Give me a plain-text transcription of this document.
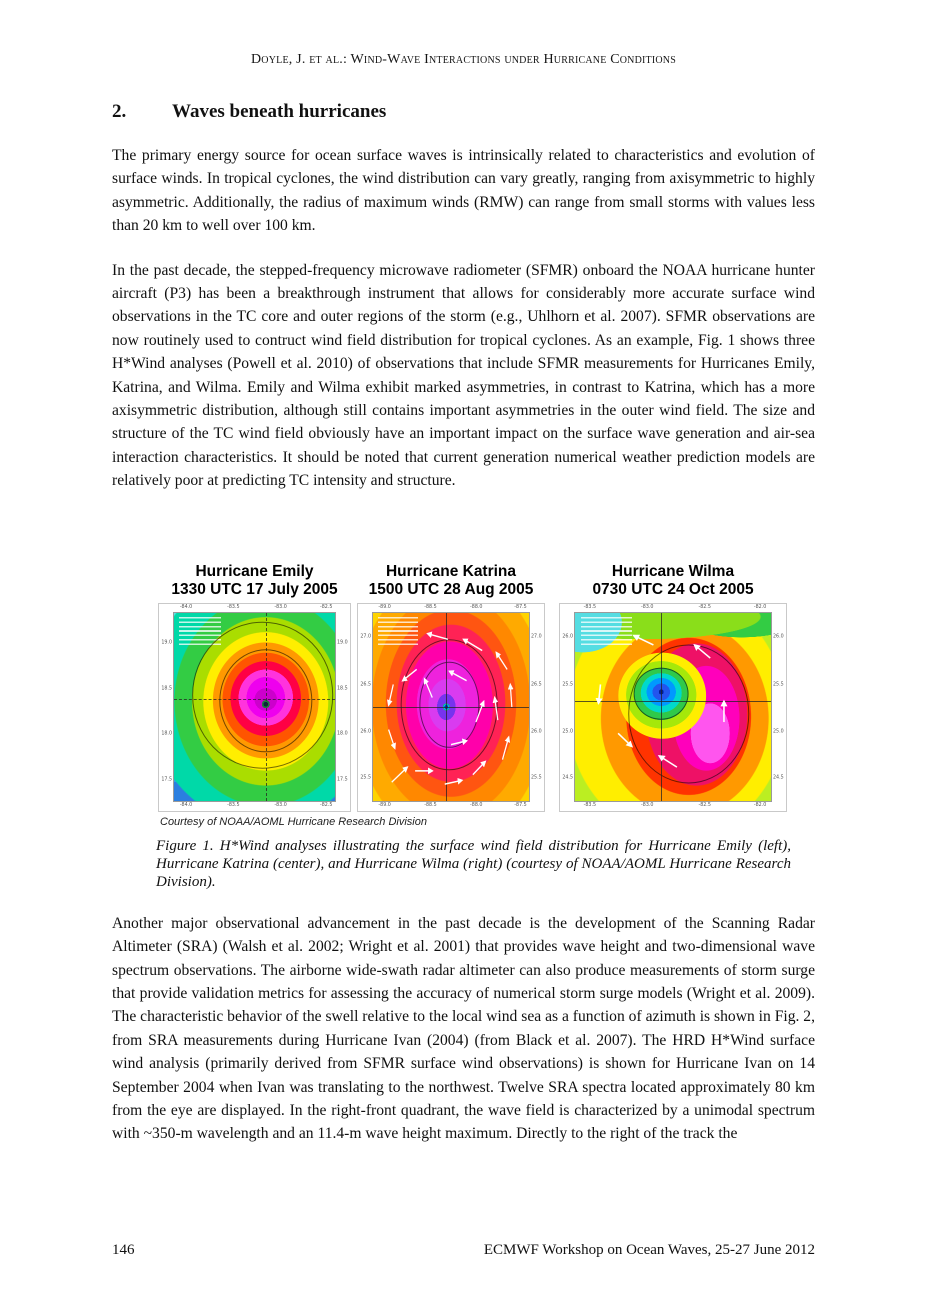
Doyle, J. et al.: Wind-Wave Interactions under Hurricane Conditions
2.	Waves beneath hurricanes

The primary energy source for ocean surface waves is intrinsically related to characteristics and evolution of surface winds. In tropical cyclones, the wind distribution can vary greatly, ranging from axisymmetric to highly asymmetric. Additionally, the radius of maximum winds (RMW) can range from small storms with values less than 20 km to well over 100 km.

In the past decade, the stepped-frequency microwave radiometer (SFMR) onboard the NOAA hurricane hunter aircraft (P3) has been a breakthrough instrument that allows for considerably more accurate surface wind observations in the TC core and outer regions of the storm (e.g., Uhlhorn et al. 2007). SFMR observations are now routinely used to contruct wind field distribution for tropical cyclones. As an example, Fig. 1 shows three H*Wind analyses (Powell et al. 2010) of observations that include SFMR measurements for Hurricanes Emily, Katrina, and Wilma. Emily and Wilma exhibit marked asymmetries, in contrast to Katrina, which has a more axisymmetric distribution, although still contains important asymmetries in the outer wind field. The size and structure of the TC wind field obviously have an important impact on the surface wave generation and air-sea interaction characteristics. It should be noted that current generation numerical weather prediction models are relatively poor at predicting TC intensity and structure.

Hurricane Emily
1330 UTC 17 July 2005
-84.0	-83.5	-83.0	-82.5
19.0
18.5
18.0
17.5
19.0
18.5
18.0
17.5
-84.0	-83.5	-83.0	-82.5
Hurricane Katrina
1500 UTC 28 Aug 2005
-89.0	-88.5	-88.0	-87.5
27.0
26.5
26.0
25.5
27.0
26.5
26.0
25.5
-89.0	-88.5	-88.0	-87.5
Hurricane Wilma
0730 UTC 24 Oct 2005
-83.5	-83.0	-82.5	-82.0
26.0
25.5
25.0
24.5
26.0
25.5
25.0
24.5
-83.5	-83.0	-82.5	-82.0
Courtesy of NOAA/AOML Hurricane Research Division
Figure 1. H*Wind analyses illustrating the surface wind field distribution for Hurricane Emily (left), Hurricane Katrina (center), and Hurricane Wilma (right) (courtesy of NOAA/AOML Hurricane Research Division).

Another major observational advancement in the past decade is the development of the Scanning Radar Altimeter (SRA) (Walsh et al. 2002; Wright et al. 2001) that provides wave height and two-dimensional wave spectrum observations. The airborne wide-swath radar altimeter can also produce measurements of storm surge that provide validation metrics for assessing the accuracy of numerical storm surge models (Wright et al. 2009). The characteristic behavior of the swell relative to the local wind sea as a function of azimuth is shown in Fig. 2, from SRA measurements during Hurricane Ivan (2004) (from Black et al. 2007). The HRD H*Wind surface wind analysis (primarily derived from SFMR surface wind observations) is shown for Hurricane Ivan on 14 September 2004 when Ivan was translating to the northwest. Twelve SRA spectra located approximately 80 km from the eye are displayed. In the right-front quadrant, the wave field is characterized by a unimodal spectrum with ~350-m wavelength and an 11.4-m wave height maximum. Directly to the right of the track the

146	ECMWF Workshop on Ocean Waves, 25-27 June 2012
